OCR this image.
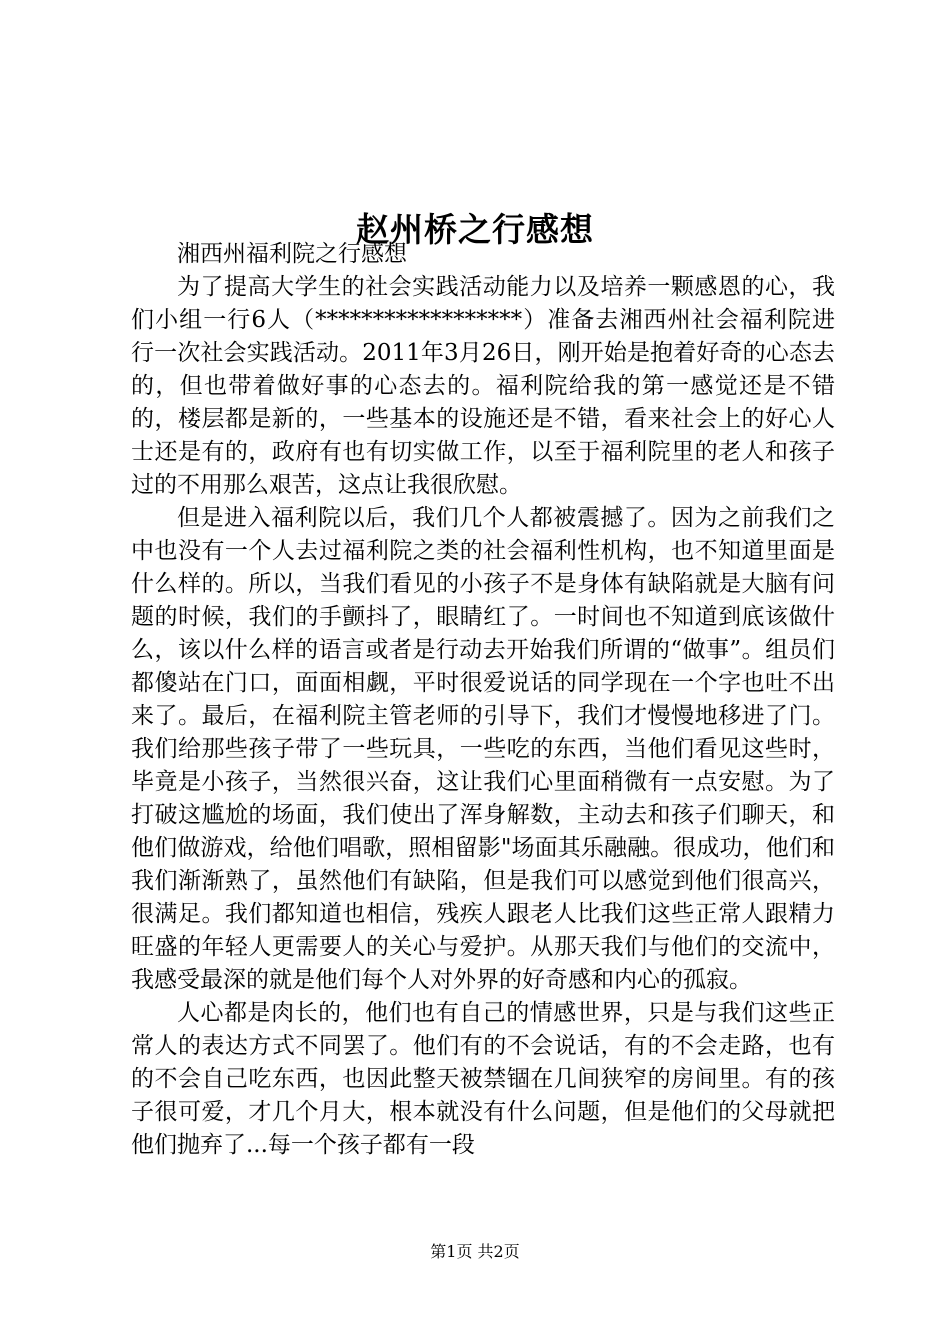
赵州桥之行感想

湘西州福利院之行感想

为了提高大学生的社会实践活动能力以及培养一颗感恩的心，我们小组一行6人（******************）准备去湘西州社会福利院进行一次社会实践活动。2011年3月26日，刚开始是抱着好奇的心态去的，但也带着做好事的心态去的。福利院给我的第一感觉还是不错的，楼层都是新的，一些基本的设施还是不错，看来社会上的好心人士还是有的，政府有也有切实做工作，以至于福利院里的老人和孩子过的不用那么艰苦，这点让我很欣慰。

但是进入福利院以后，我们几个人都被震撼了。因为之前我们之中也没有一个人去过福利院之类的社会福利性机构，也不知道里面是什么样的。所以，当我们看见的小孩子不是身体有缺陷就是大脑有问题的时候，我们的手颤抖了，眼睛红了。一时间也不知道到底该做什么，该以什么样的语言或者是行动去开始我们所谓的“做事”。组员们都傻站在门口，面面相觑，平时很爱说话的同学现在一个字也吐不出来了。最后，在福利院主管老师的引导下，我们才慢慢地移进了门。我们给那些孩子带了一些玩具，一些吃的东西，当他们看见这些时，毕竟是小孩子，当然很兴奋，这让我们心里面稍微有一点安慰。为了打破这尴尬的场面，我们使出了浑身解数，主动去和孩子们聊天，和他们做游戏，给他们唱歌，照相留影"场面其乐融融。很成功，他们和我们渐渐熟了，虽然他们有缺陷，但是我们可以感觉到他们很高兴，很满足。我们都知道也相信，残疾人跟老人比我们这些正常人跟精力旺盛的年轻人更需要人的关心与爱护。从那天我们与他们的交流中，我感受最深的就是他们每个人对外界的好奇感和内心的孤寂。

人心都是肉长的，他们也有自己的情感世界，只是与我们这些正常人的表达方式不同罢了。他们有的不会说话，有的不会走路，也有的不会自己吃东西，也因此整天被禁锢在几间狭窄的房间里。有的孩子很可爱，才几个月大，根本就没有什么问题，但是他们的父母就把他们抛弃了...每一个孩子都有一段

第1页 共2页
